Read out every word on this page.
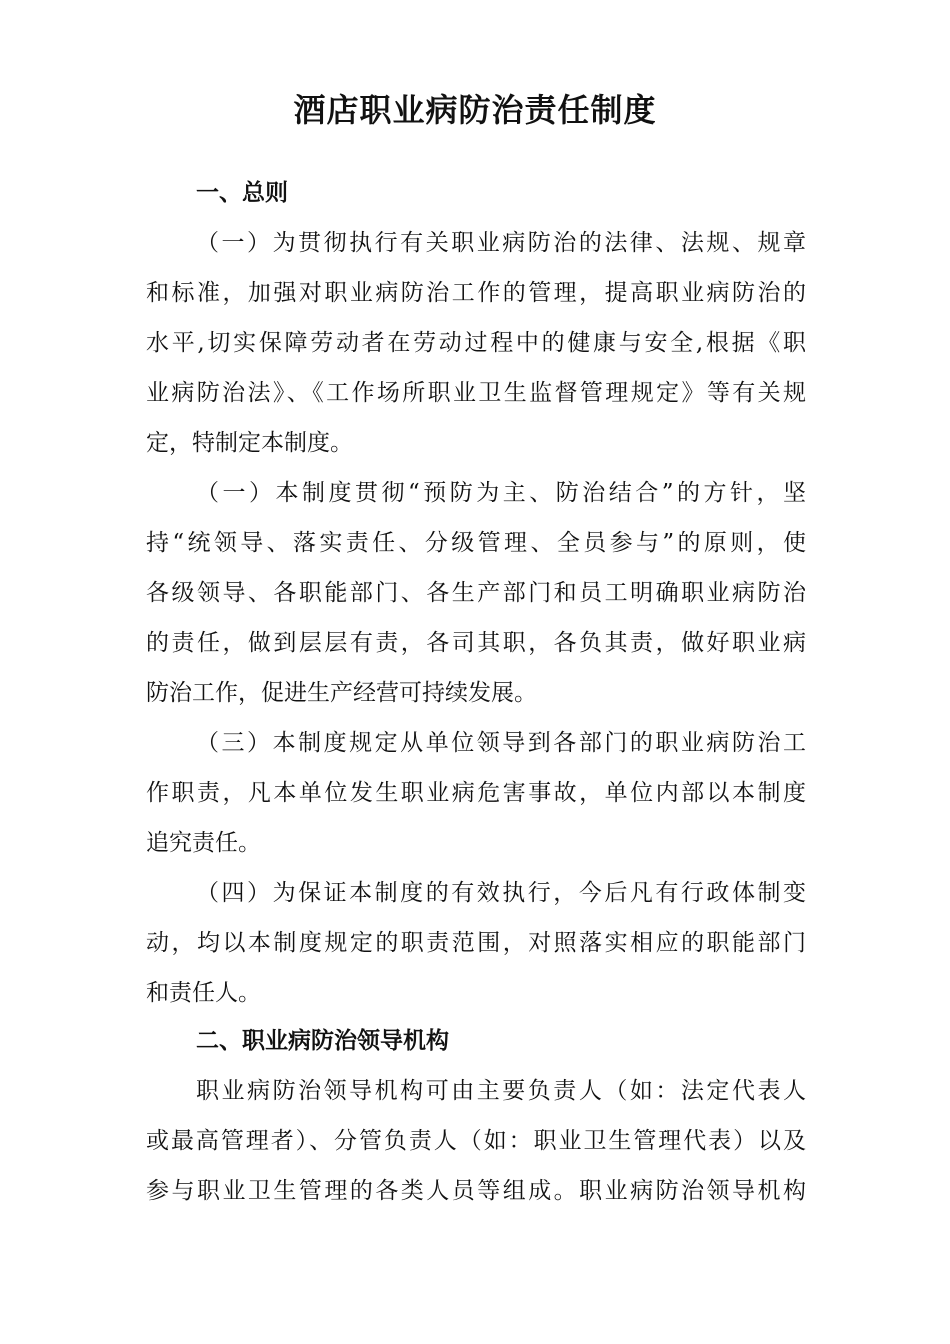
酒店职业病防治责任制度
一、总则

（一）为贯彻执行有关职业病防治的法律、法规、规章

和标准，加强对职业病防治工作的管理，提高职业病防治的

水平,切实保障劳动者在劳动过程中的健康与安全,根据《职

业病防治法》、《工作场所职业卫生监督管理规定》等有关规

定，特制定本制度。

（一）本制度贯彻“预防为主、防治结合”的方针，坚

持“统领导、落实责任、分级管理、全员参与”的原则，使

各级领导、各职能部门、各生产部门和员工明确职业病防治

的责任，做到层层有责，各司其职，各负其责，做好职业病

防治工作，促进生产经营可持续发展。

（三）本制度规定从单位领导到各部门的职业病防治工

作职责，凡本单位发生职业病危害事故，单位内部以本制度

追究责任。

（四）为保证本制度的有效执行，今后凡有行政体制变

动，均以本制度规定的职责范围，对照落实相应的职能部门

和责任人。

二、职业病防治领导机构

职业病防治领导机构可由主要负责人（如：法定代表人

或最高管理者）、分管负责人（如：职业卫生管理代表）以及

参与职业卫生管理的各类人员等组成。职业病防治领导机构
